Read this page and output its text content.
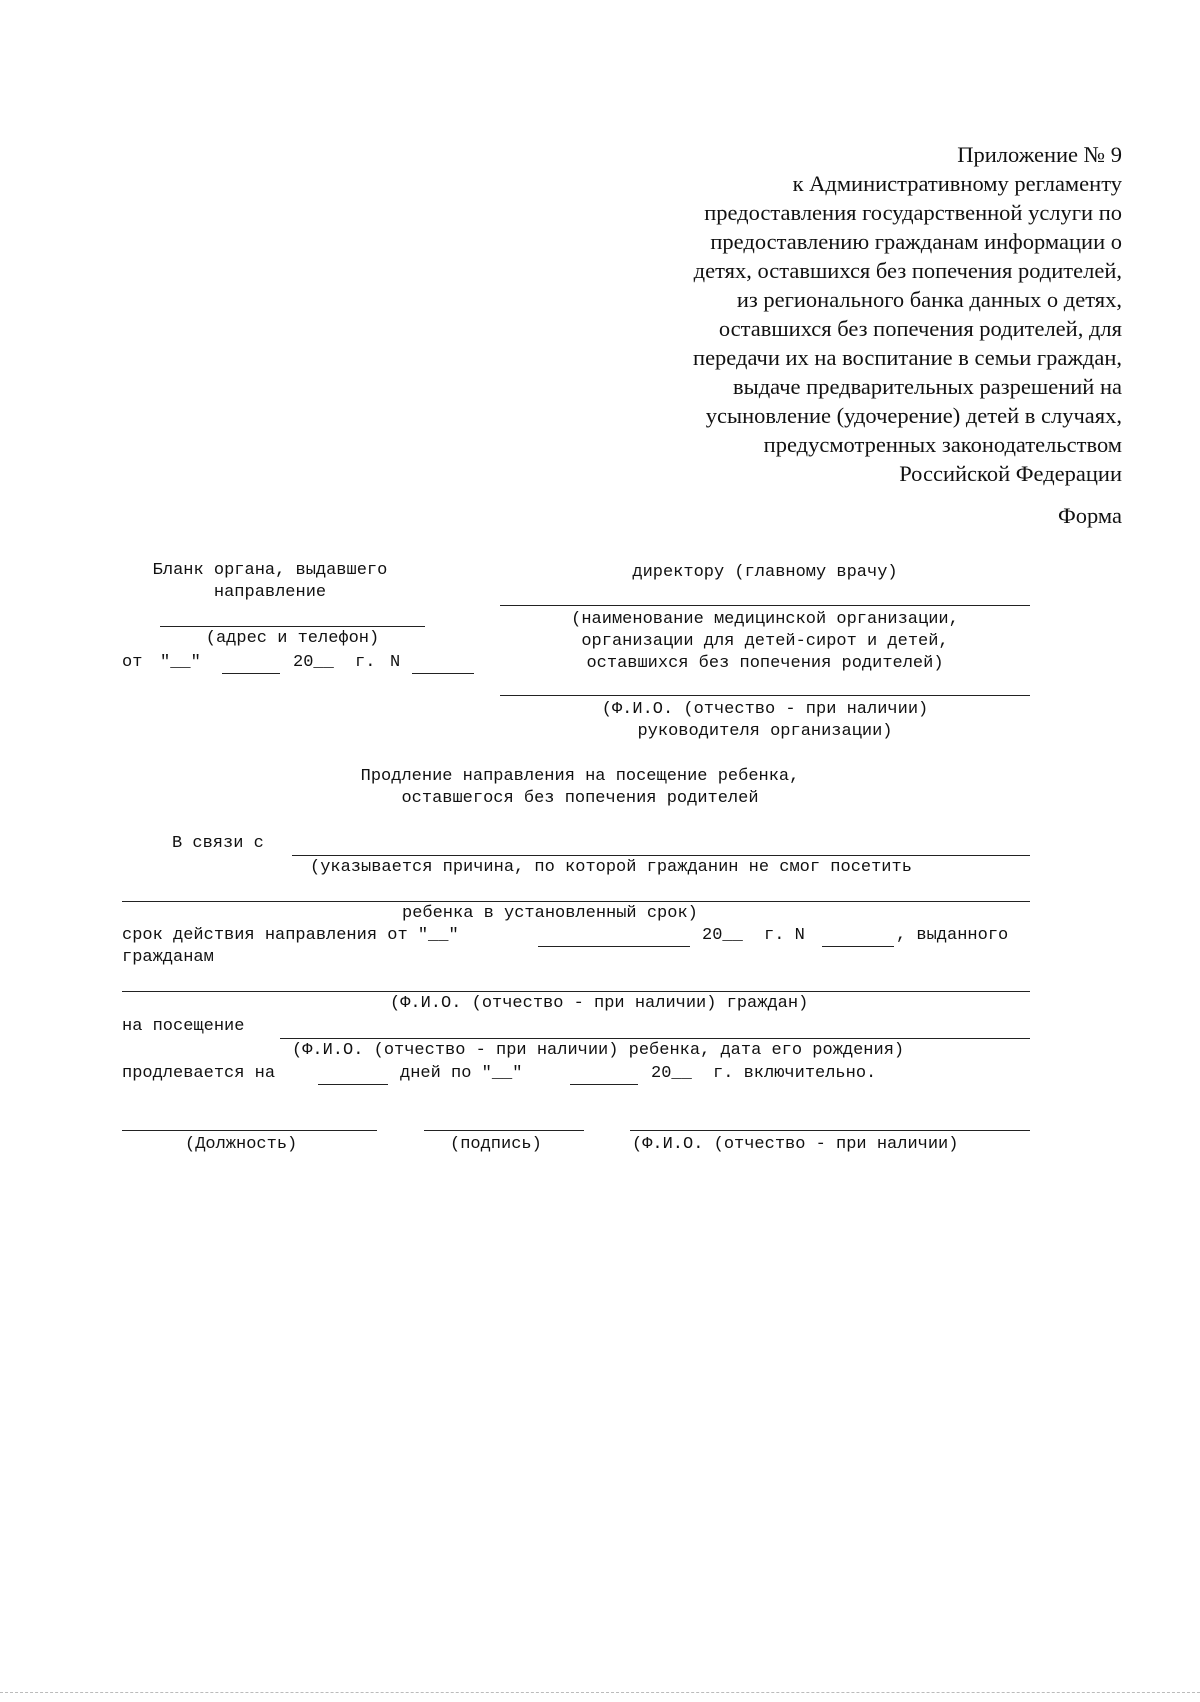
Приложение № 9
к Административному регламенту
предоставления государственной услуги по
предоставлению гражданам информации о
детях, оставшихся без попечения родителей,
из регионального банка данных о детях,
оставшихся без попечения родителей, для
передачи их на воспитание в семьи граждан,
выдаче предварительных разрешений на
усыновление (удочерение) детей в случаях,
предусмотренных законодательством
Российской Федерации
Форма
Бланк органа, выдавшего
направление
(адрес и телефон)
от "__"	20__ г. N
директору (главному врачу)
(наименование медицинской организации,
организации для детей-сирот и детей,
оставшихся без попечения родителей)
(Ф.И.О. (отчество - при наличии)
руководителя организации)
Продление направления на посещение ребенка,
оставшегося без попечения родителей
В связи с
(указывается причина, по которой гражданин не смог посетить
ребенка в установленный срок)
срок действия направления от "__"	20__ г. N	, выданного
гражданам
(Ф.И.О. (отчество - при наличии) граждан)
на посещение
(Ф.И.О. (отчество - при наличии) ребенка, дата его рождения)
продлевается на	дней по "__"	20__ г. включительно.
(Должность)	(подпись)	(Ф.И.О. (отчество - при наличии)
